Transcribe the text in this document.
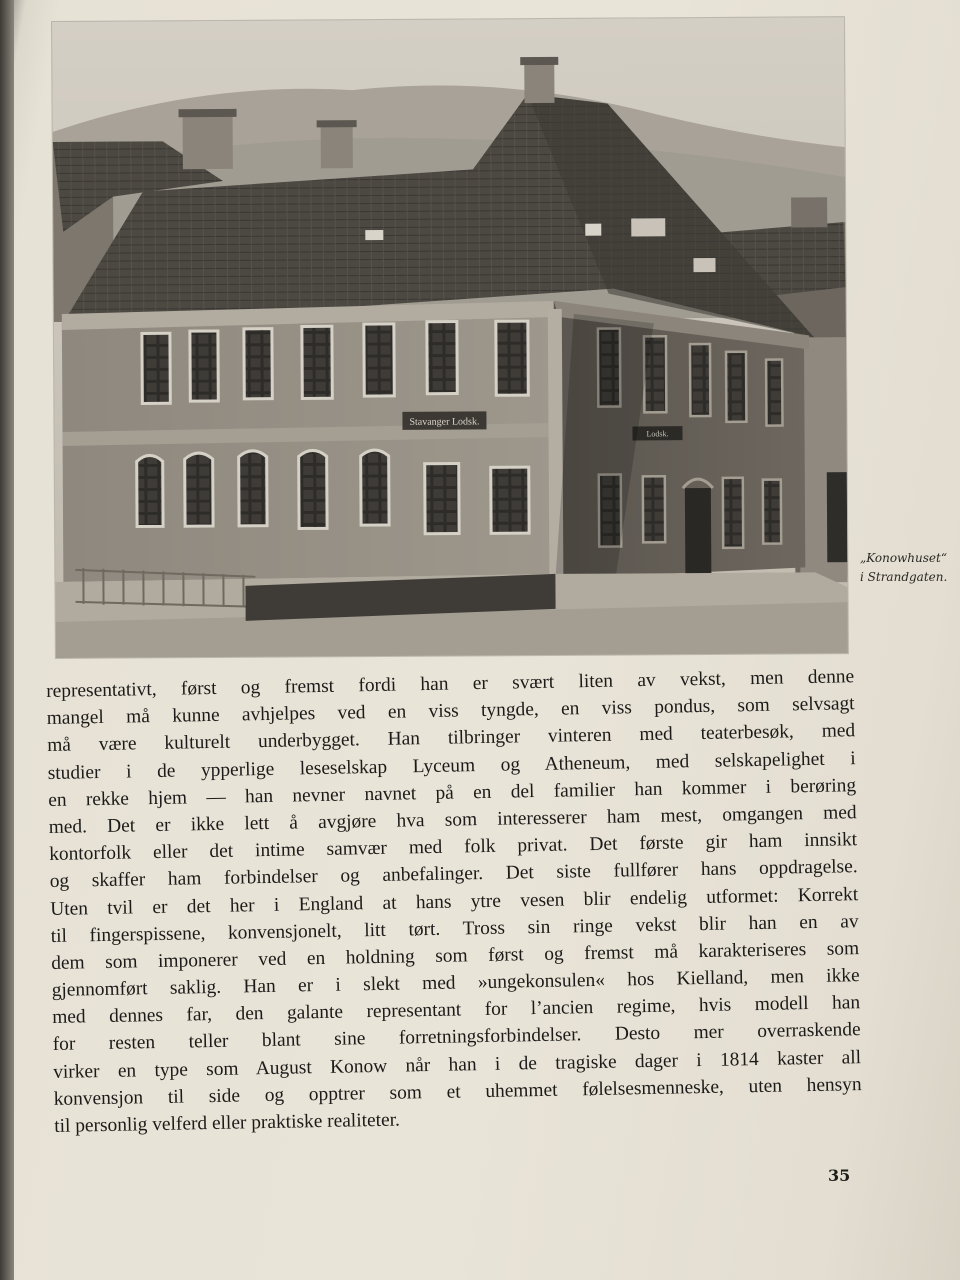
Stavanger Lodsk.
Lodsk.
„Konowhuset“
i Strandgaten.
representativt, først og fremst fordi han er svært liten av vekst, men denne
mangel må kunne avhjelpes ved en viss tyngde, en viss pondus, som selvsagt
må være kulturelt underbygget. Han tilbringer vinteren med teaterbesøk, med
studier i de ypperlige leseselskap Lyceum og Atheneum, med selskapelighet i
en rekke hjem — han nevner navnet på en del familier han kommer i berøring
med. Det er ikke lett å avgjøre hva som interesserer ham mest, omgangen med
kontorfolk eller det intime samvær med folk privat. Det første gir ham innsikt
og skaffer ham forbindelser og anbefalinger. Det siste fullfører hans oppdragelse.
Uten tvil er det her i England at hans ytre vesen blir endelig utformet: Korrekt
til fingerspissene, konvensjonelt, litt tørt. Tross sin ringe vekst blir han en av
dem som imponerer ved en holdning som først og fremst må karakteriseres som
gjennomført saklig. Han er i slekt med »ungekonsulen« hos Kielland, men ikke
med dennes far, den galante representant for l’ancien regime, hvis modell han
for resten teller blant sine forretningsforbindelser. Desto mer overraskende
virker en type som August Konow når han i de tragiske dager i 1814 kaster all
konvensjon til side og opptrer som et uhemmet følelsesmenneske, uten hensyn
til personlig velferd eller praktiske realiteter.
35
